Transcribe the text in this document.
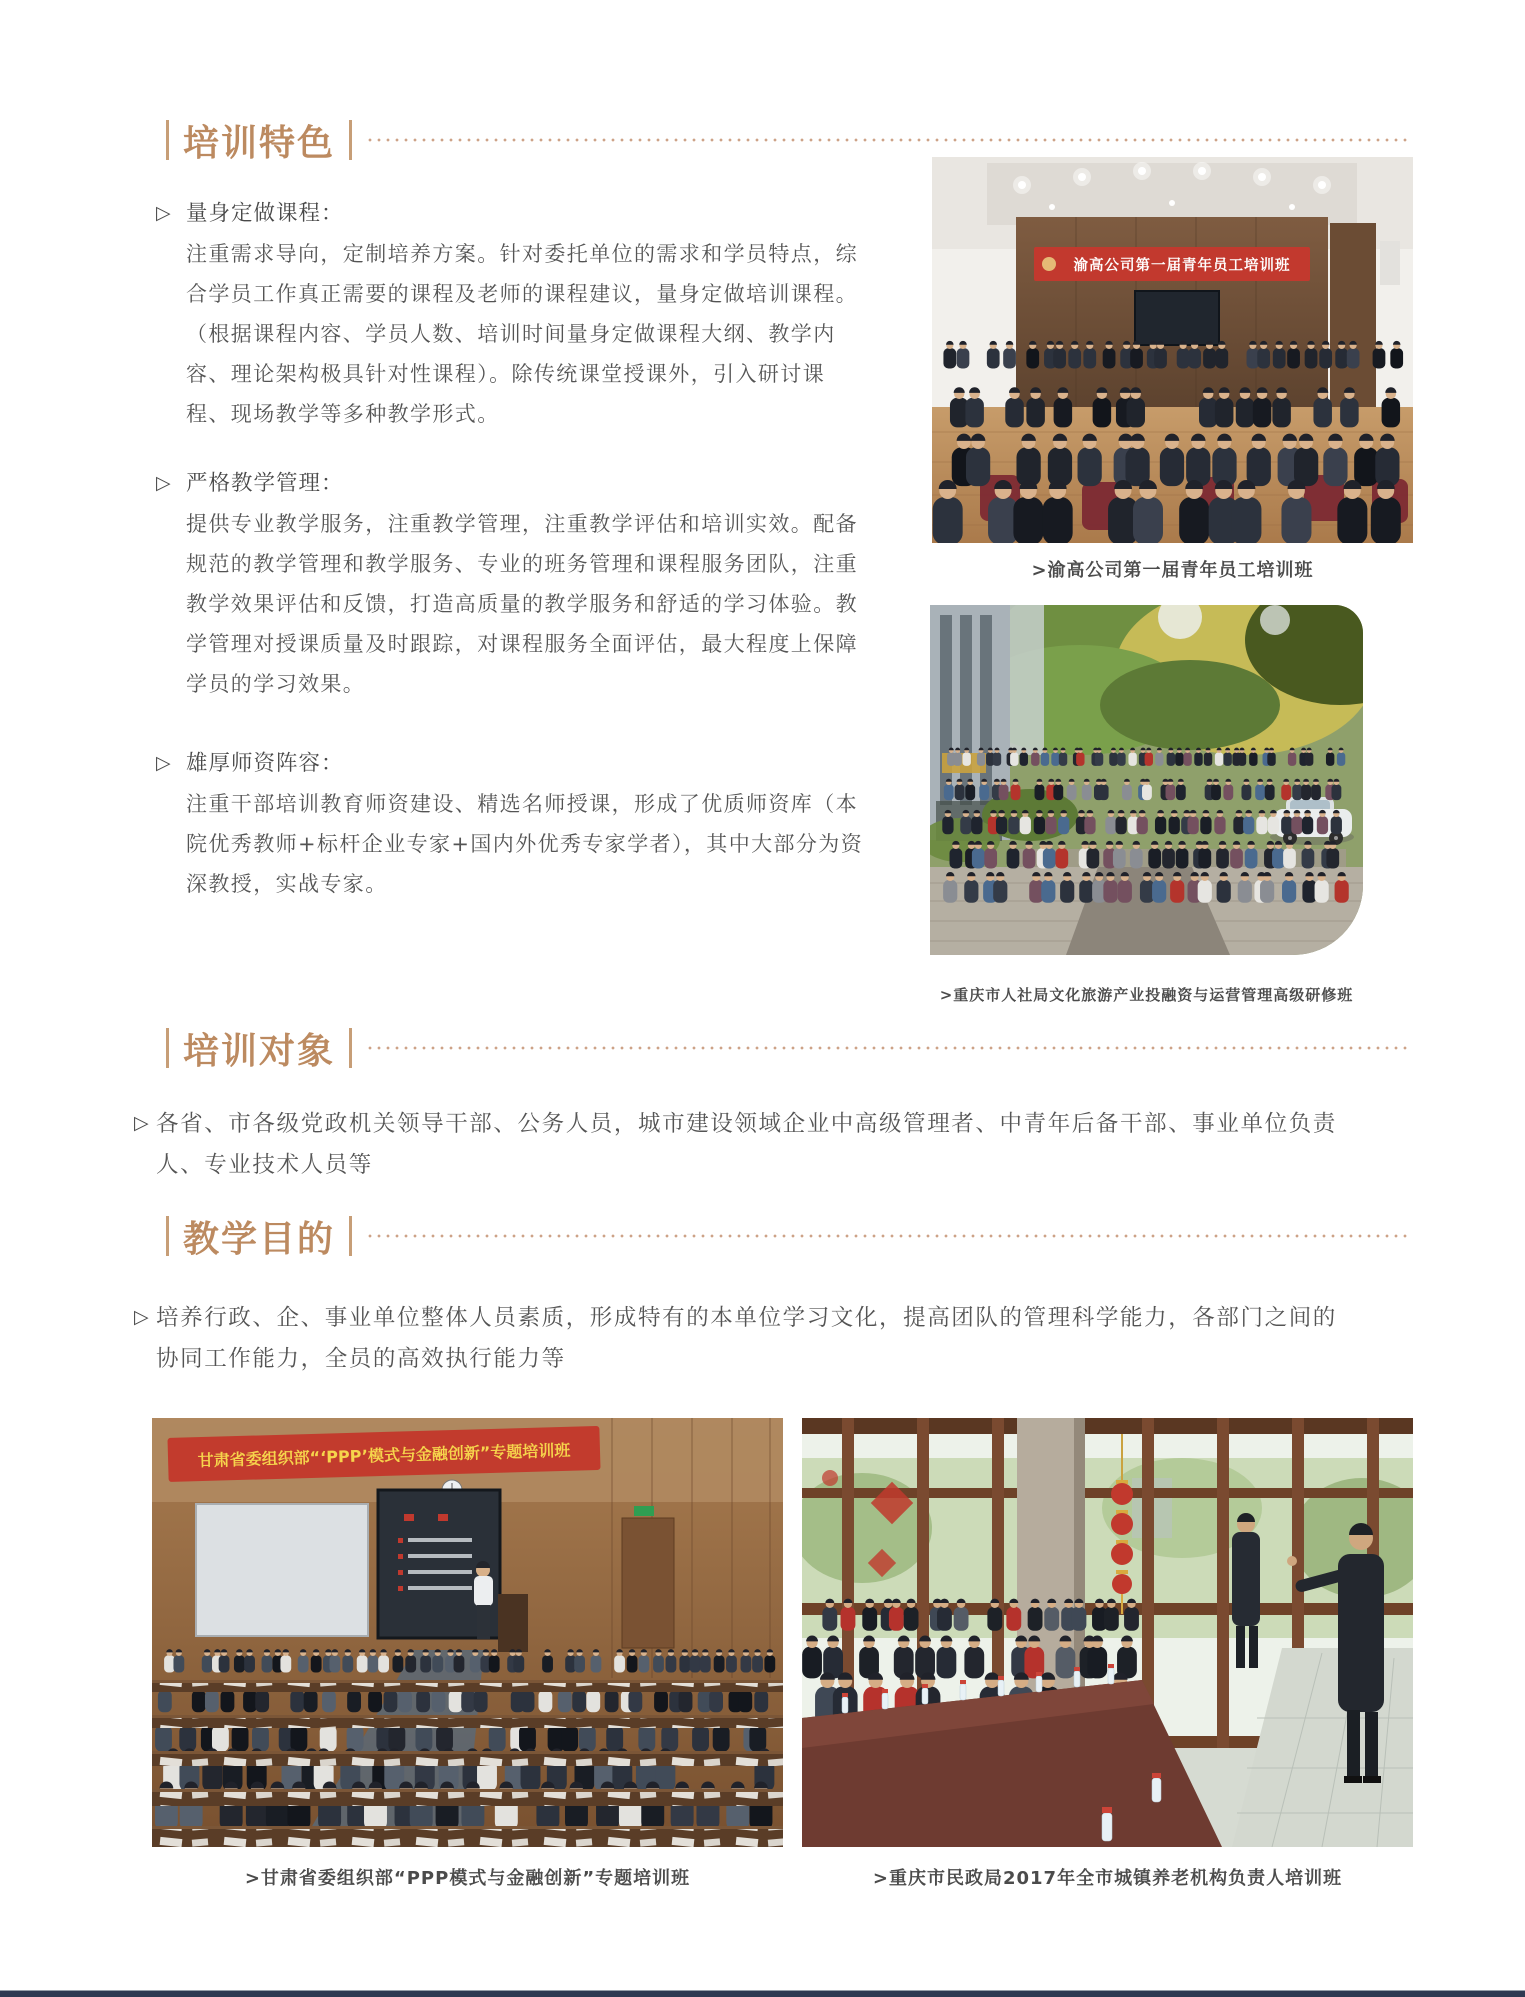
培训特色
▷ 量身定做课程：
注重需求导向，定制培养方案。针对委托单位的需求和学员特点，综
合学员工作真正需要的课程及老师的课程建议，量身定做培训课程。
（根据课程内容、学员人数、培训时间量身定做课程大纲、教学内
容、理论架构极具针对性课程）。除传统课堂授课外，引入研讨课
程、现场教学等多种教学形式。
▷ 严格教学管理：
提供专业教学服务，注重教学管理，注重教学评估和培训实效。配备
规范的教学管理和教学服务、专业的班务管理和课程服务团队，注重
教学效果评估和反馈，打造高质量的教学服务和舒适的学习体验。教
学管理对授课质量及时跟踪，对课程服务全面评估，最大程度上保障
学员的学习效果。
▷ 雄厚师资阵容：
注重干部培训教育师资建设、精选名师授课，形成了优质师资库（本
院优秀教师+标杆企业专家+国内外优秀专家学者），其中大部分为资
深教授，实战专家。
渝高公司第一届青年员工培训班
>渝高公司第一届青年员工培训班
>重庆市人社局文化旅游产业投融资与运营管理高级研修班
培训对象
▷ 各省、市各级党政机关领导干部、公务人员，城市建设领域企业中高级管理者、中青年后备干部、事业单位负责
人、专业技术人员等
教学目的
▷ 培养行政、企、事业单位整体人员素质，形成特有的本单位学习文化，提高团队的管理科学能力，各部门之间的
协同工作能力，全员的高效执行能力等
甘肃省委组织部“‘PPP’模式与金融创新”专题培训班
>甘肃省委组织部“PPP模式与金融创新”专题培训班	>重庆市民政局2017年全市城镇养老机构负责人培训班
